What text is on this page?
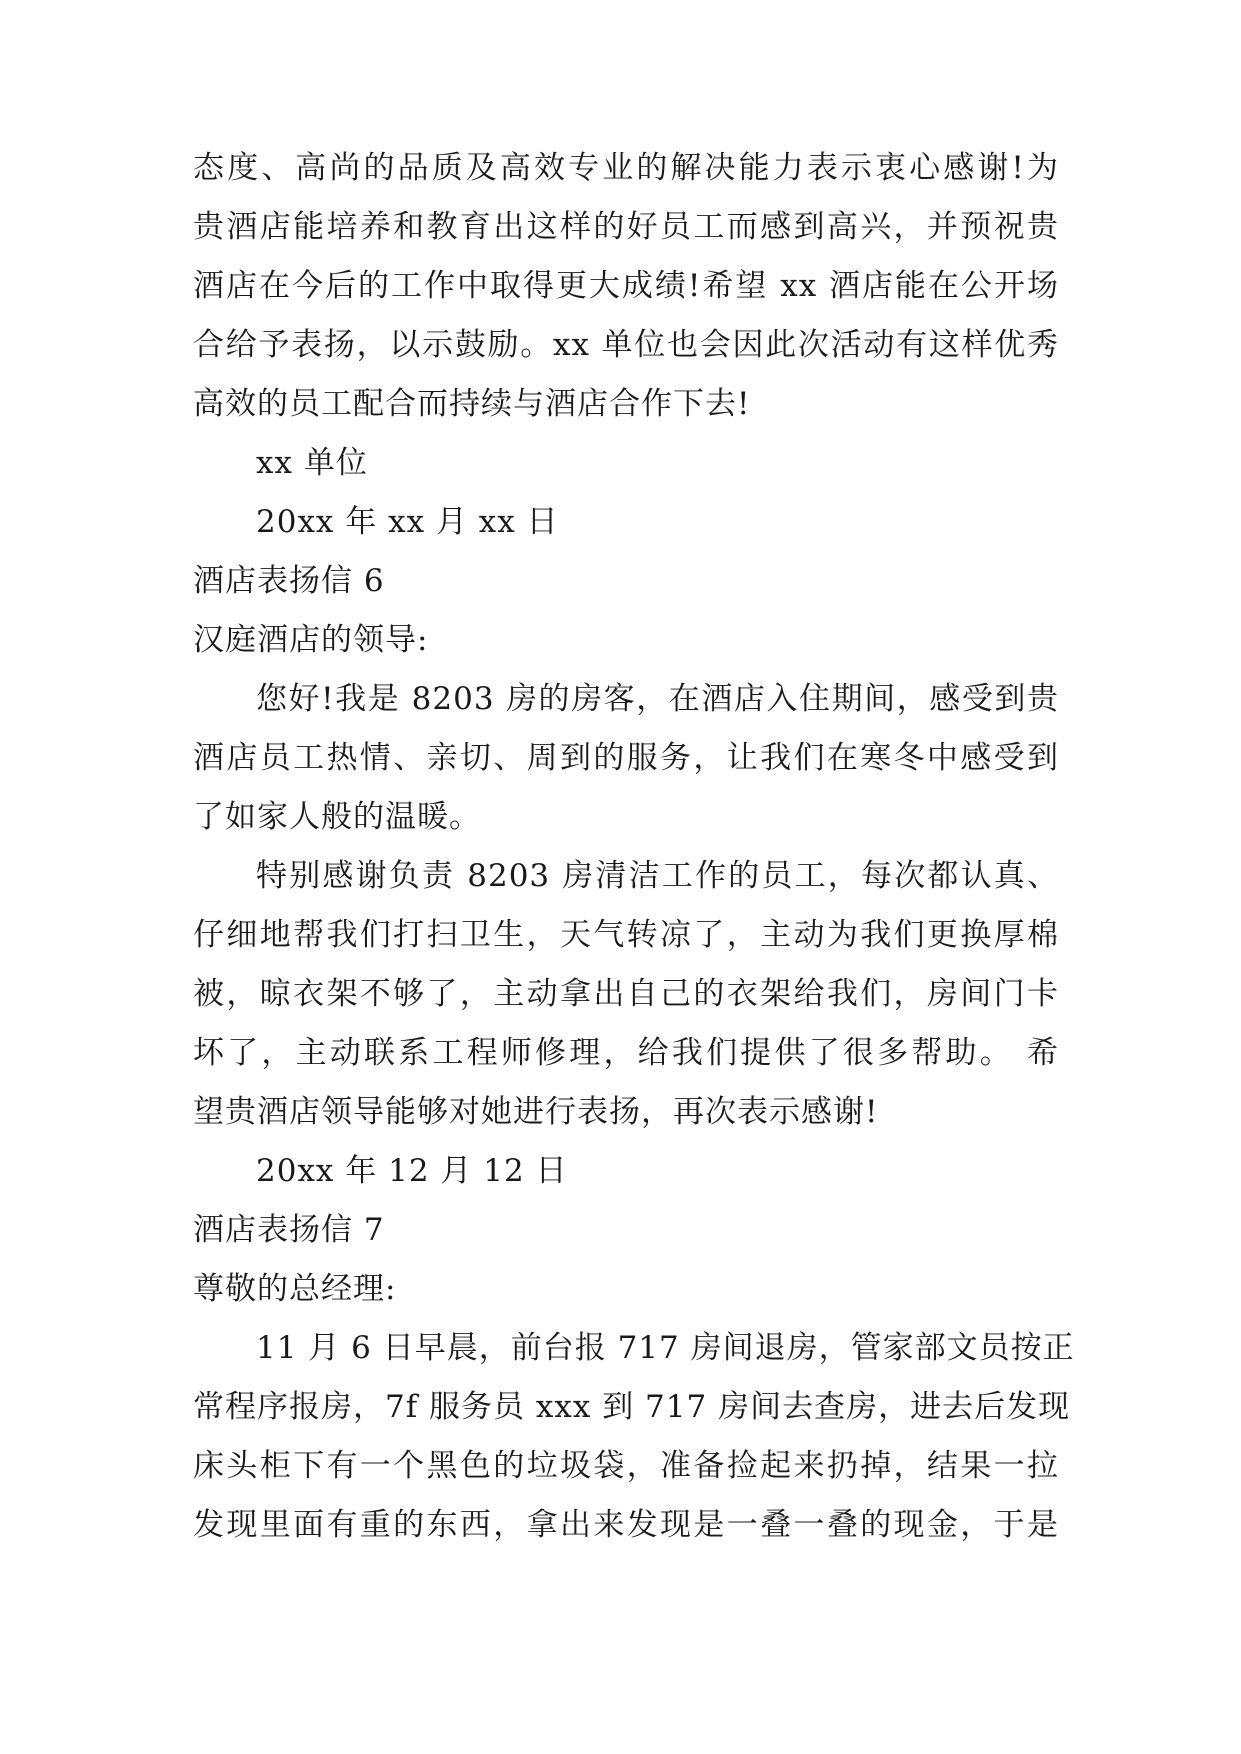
态度、高尚的品质及高效专业的解决能力表示衷心感谢!为
贵酒店能培养和教育出这样的好员工而感到高兴，并预祝贵
酒店在今后的工作中取得更大成绩!希望 xx 酒店能在公开场
合给予表扬，以示鼓励。xx 单位也会因此次活动有这样优秀
高效的员工配合而持续与酒店合作下去!
xx 单位
20xx 年 xx 月 xx 日
酒店表扬信 6
汉庭酒店的领导:
您好!我是 8203 房的房客，在酒店入住期间，感受到贵
酒店员工热情、亲切、周到的服务，让我们在寒冬中感受到
了如家人般的温暖。
特别感谢负责 8203 房清洁工作的员工，每次都认真、
仔细地帮我们打扫卫生，天气转凉了，主动为我们更换厚棉
被，晾衣架不够了，主动拿出自己的衣架给我们，房间门卡
坏了，主动联系工程师修理，给我们提供了很多帮助。 希
望贵酒店领导能够对她进行表扬，再次表示感谢!
20xx 年 12 月 12 日
酒店表扬信 7
尊敬的总经理:
11 月 6 日早晨，前台报 717 房间退房，管家部文员按正
常程序报房，7f 服务员 xxx 到 717 房间去查房，进去后发现
床头柜下有一个黑色的垃圾袋，准备捡起来扔掉，结果一拉
发现里面有重的东西，拿出来发现是一叠一叠的现金，于是
